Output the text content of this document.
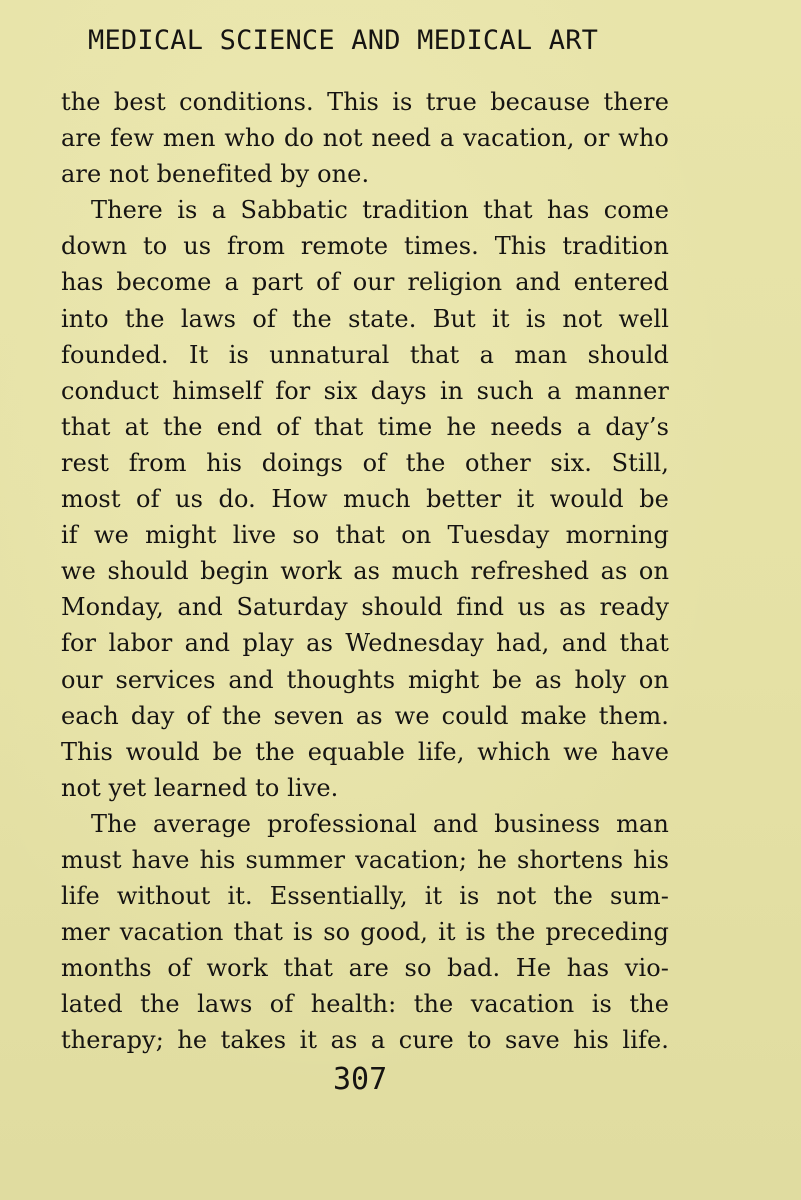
MEDICAL SCIENCE AND MEDICAL ART
the best conditions. This is true because there
are few men who do not need a vacation, or who
are not benefited by one.
There is a Sabbatic tradition that has come
down to us from remote times. This tradition
has become a part of our religion and entered
into the laws of the state. But it is not well
founded. It is unnatural that a man should
conduct himself for six days in such a manner
that at the end of that time he needs a day’s
rest from his doings of the other six. Still,
most of us do. How much better it would be
if we might live so that on Tuesday morning
we should begin work as much refreshed as on
Monday, and Saturday should find us as ready
for labor and play as Wednesday had, and that
our services and thoughts might be as holy on
each day of the seven as we could make them.
This would be the equable life, which we have
not yet learned to live.
The average professional and business man
must have his summer vacation; he shortens his
life without it. Essentially, it is not the sum-
mer vacation that is so good, it is the preceding
months of work that are so bad. He has vio-
lated the laws of health: the vacation is the
therapy; he takes it as a cure to save his life.
307
